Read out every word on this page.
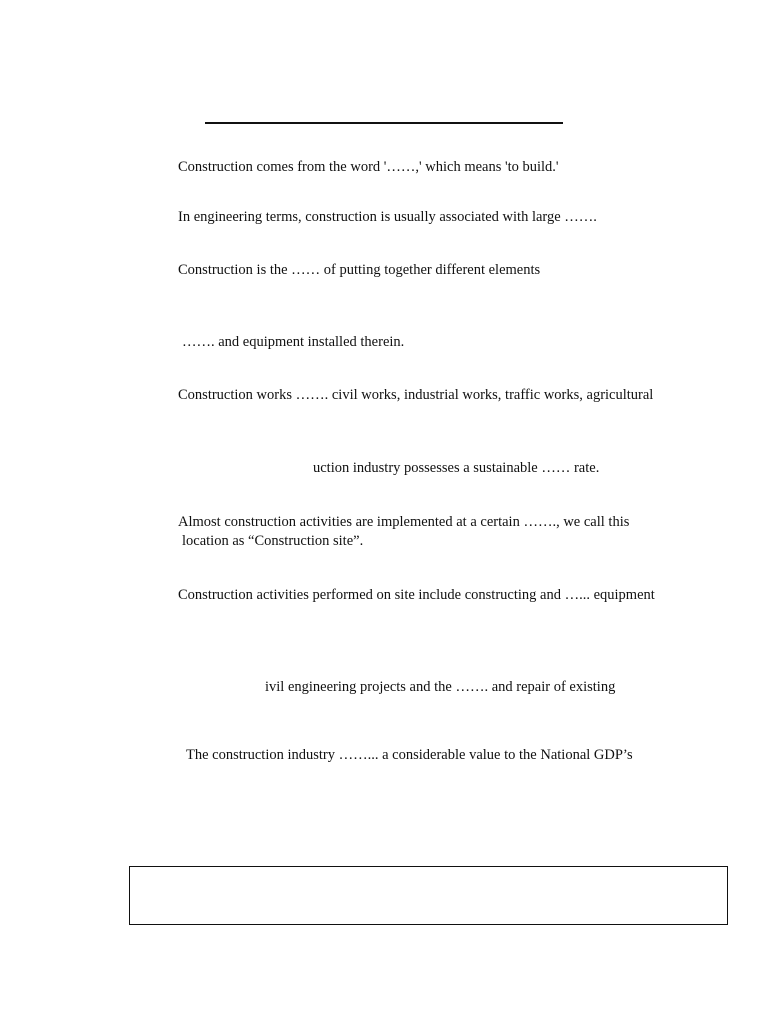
Construction comes from the word '……,' which means 'to build.'
In engineering terms, construction is usually associated with large …….
Construction is the …… of putting together different elements
……. and equipment installed therein.
Construction works ……. civil works, industrial works, traffic works, agricultural
uction industry possesses a sustainable …… rate.
Almost construction activities are implemented at a certain ……., we call this
location as “Construction site”.
Construction activities performed on site include constructing and …... equipment
ivil engineering projects and the ……. and repair of existing
The construction industry ……... a considerable value to the National GDP’s
